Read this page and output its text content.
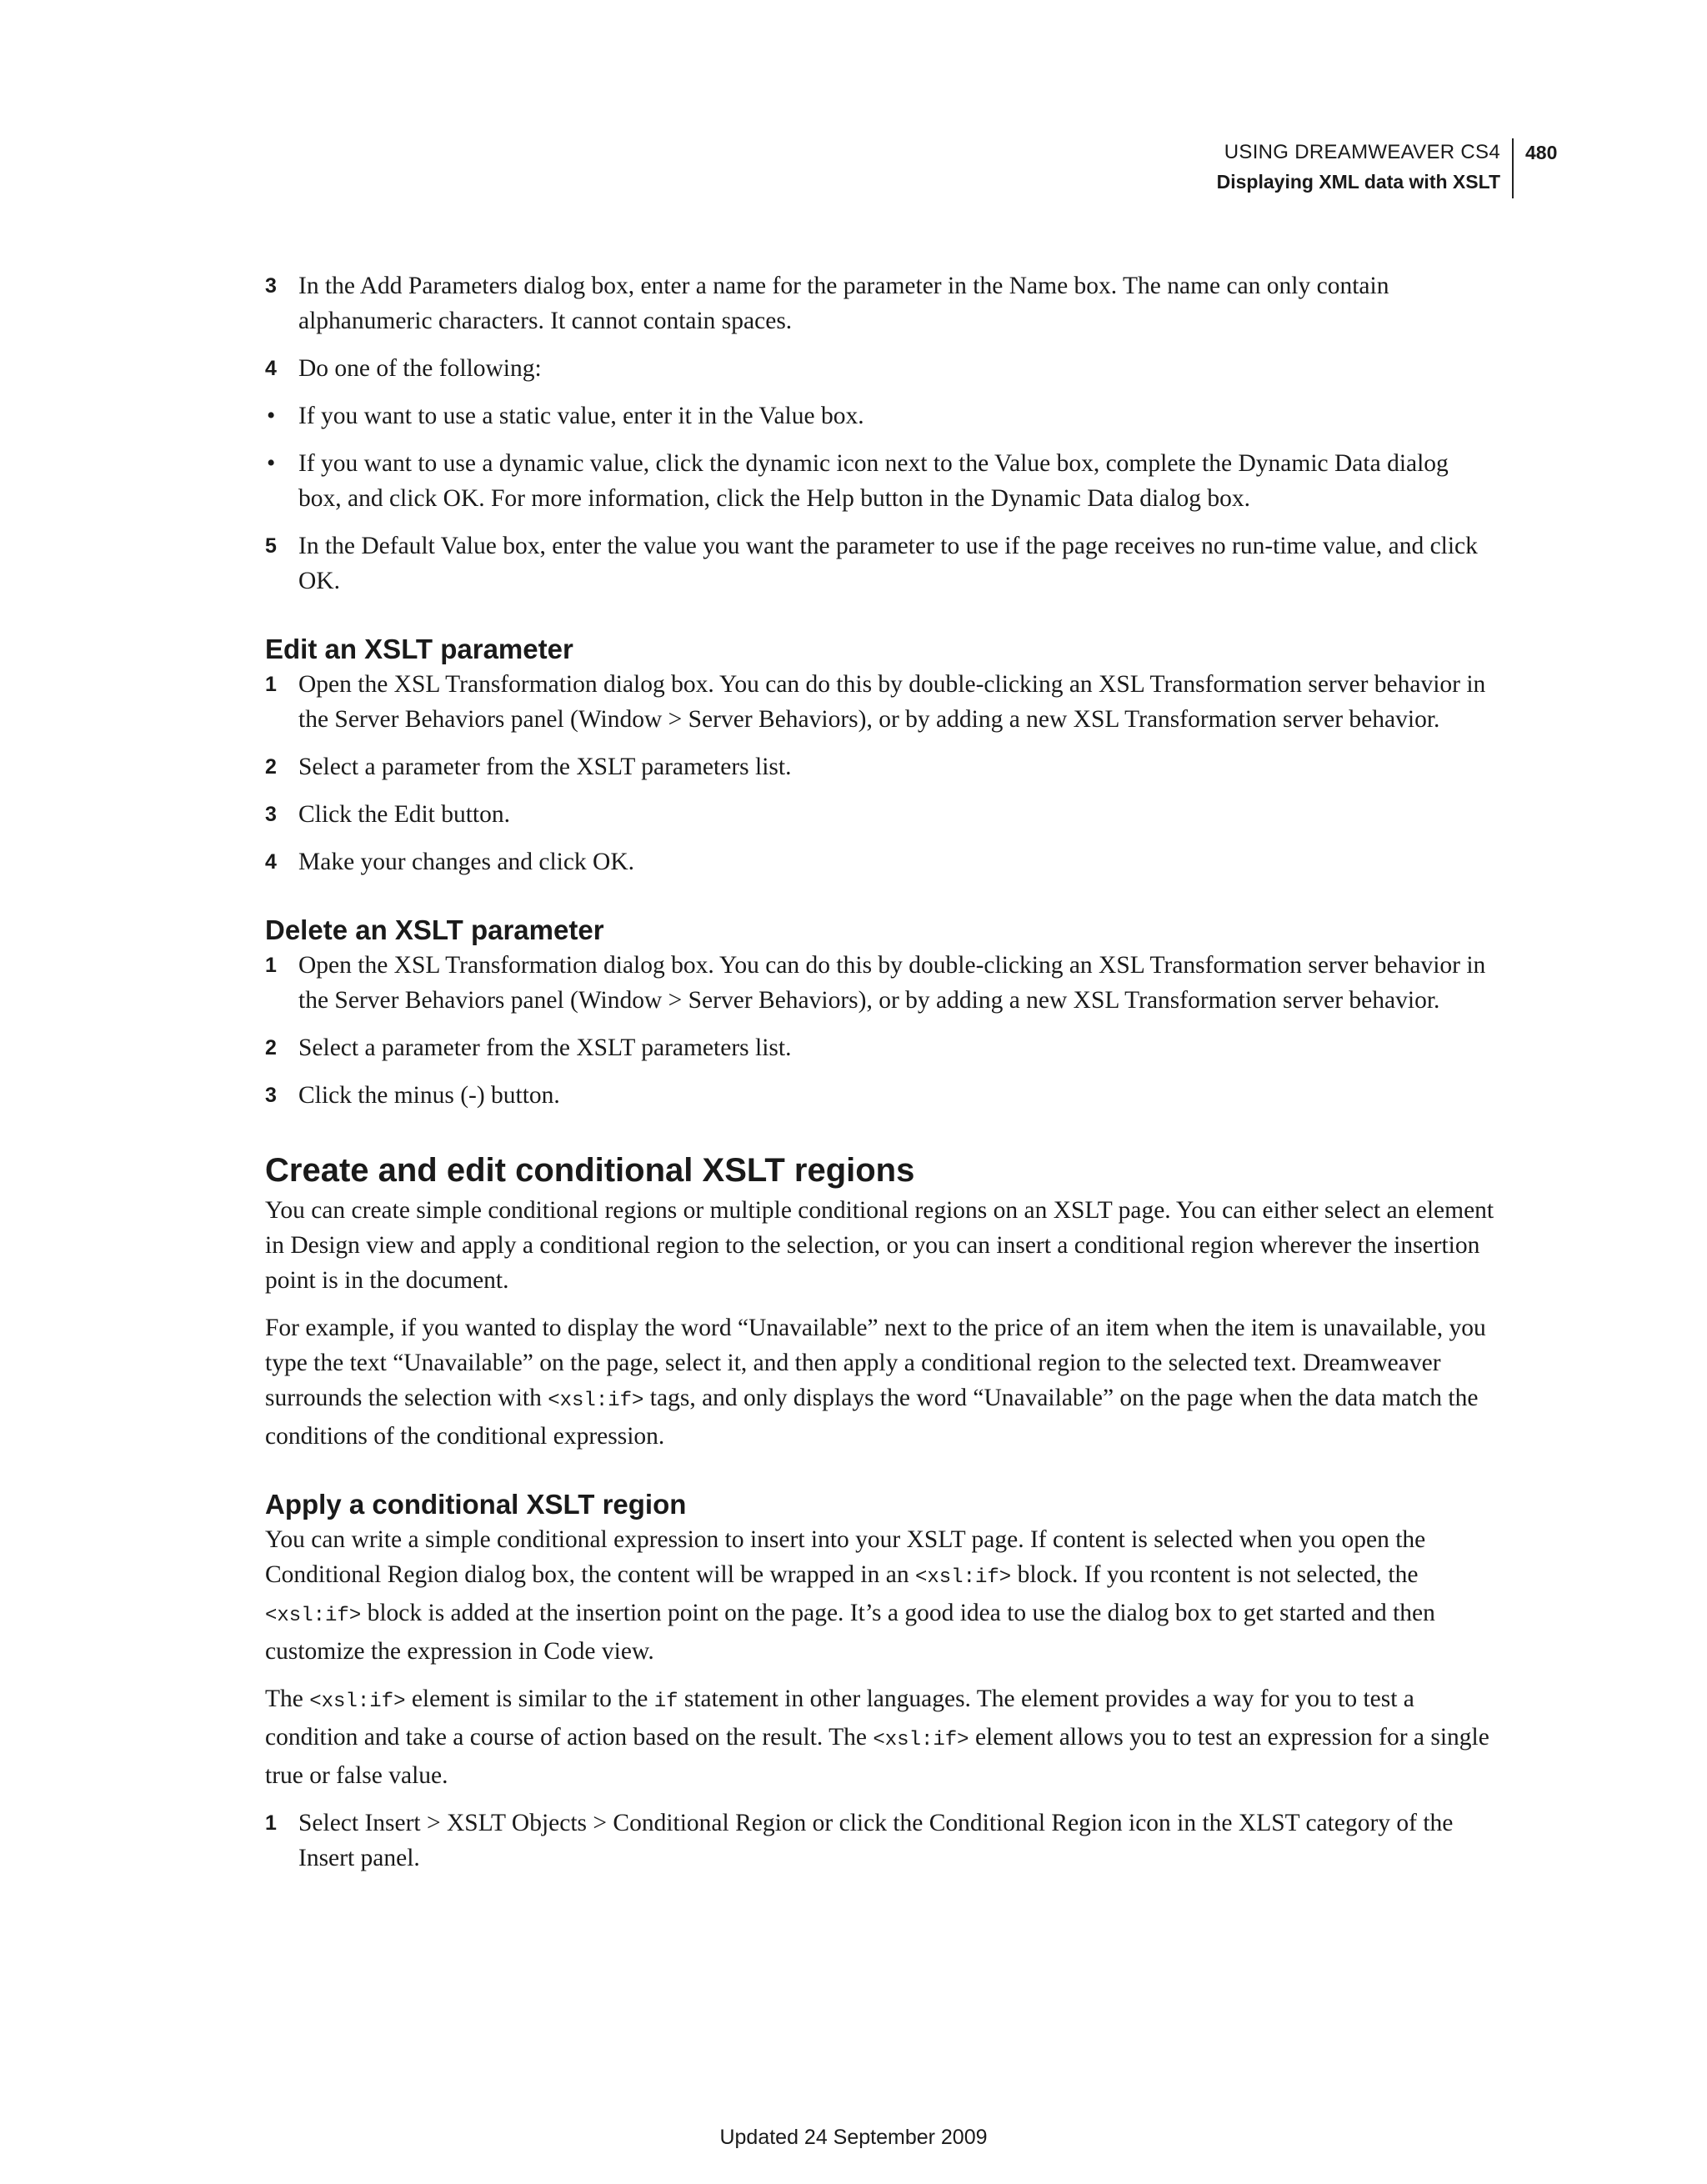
USING DREAMWEAVER CS4
Displaying XML data with XSLT
480
3 In the Add Parameters dialog box, enter a name for the parameter in the Name box. The name can only contain alphanumeric characters. It cannot contain spaces.
4 Do one of the following:
• If you want to use a static value, enter it in the Value box.
• If you want to use a dynamic value, click the dynamic icon next to the Value box, complete the Dynamic Data dialog box, and click OK. For more information, click the Help button in the Dynamic Data dialog box.
5 In the Default Value box, enter the value you want the parameter to use if the page receives no run-time value, and click OK.
Edit an XSLT parameter
1 Open the XSL Transformation dialog box. You can do this by double-clicking an XSL Transformation server behavior in the Server Behaviors panel (Window > Server Behaviors), or by adding a new XSL Transformation server behavior.
2 Select a parameter from the XSLT parameters list.
3 Click the Edit button.
4 Make your changes and click OK.
Delete an XSLT parameter
1 Open the XSL Transformation dialog box. You can do this by double-clicking an XSL Transformation server behavior in the Server Behaviors panel (Window > Server Behaviors), or by adding a new XSL Transformation server behavior.
2 Select a parameter from the XSLT parameters list.
3 Click the minus (-) button.
Create and edit conditional XSLT regions

You can create simple conditional regions or multiple conditional regions on an XSLT page. You can either select an element in Design view and apply a conditional region to the selection, or you can insert a conditional region wherever the insertion point is in the document.

For example, if you wanted to display the word “Unavailable” next to the price of an item when the item is unavailable, you type the text “Unavailable” on the page, select it, and then apply a conditional region to the selected text. Dreamweaver surrounds the selection with <xsl:if> tags, and only displays the word “Unavailable” on the page when the data match the conditions of the conditional expression.

Apply a conditional XSLT region

You can write a simple conditional expression to insert into your XSLT page. If content is selected when you open the Conditional Region dialog box, the content will be wrapped in an <xsl:if> block. If you rcontent is not selected, the <xsl:if> block is added at the insertion point on the page. It’s a good idea to use the dialog box to get started and then customize the expression in Code view.

The <xsl:if> element is similar to the if statement in other languages. The element provides a way for you to test a condition and take a course of action based on the result. The <xsl:if> element allows you to test an expression for a single true or false value.

1 Select Insert > XSLT Objects > Conditional Region or click the Conditional Region icon in the XLST category of the Insert panel.
Updated 24 September 2009
